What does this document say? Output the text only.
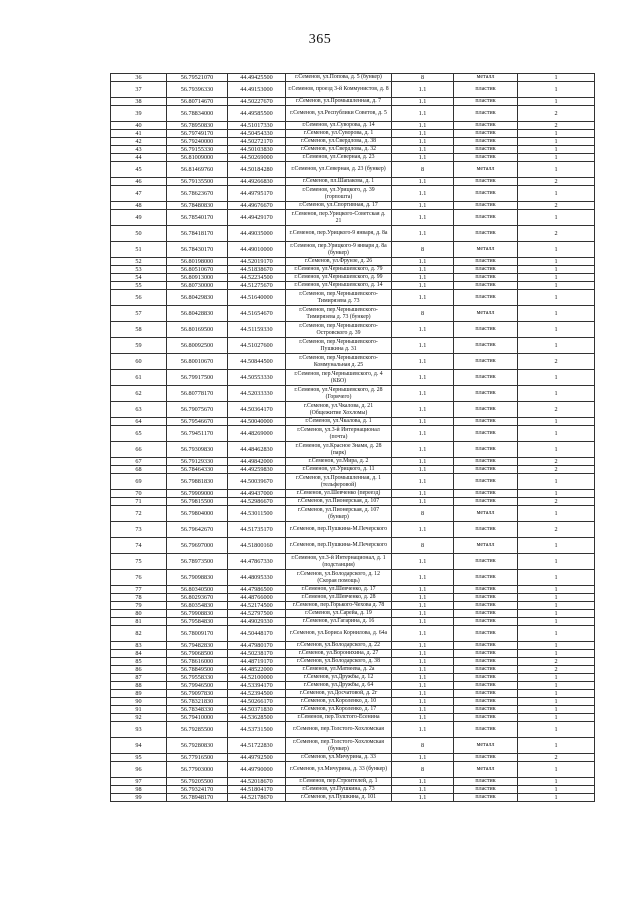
365
36	56.79521070	44.49425500	г.Семенов, ул.Попова, д. 5 (бункер)	8	металл	1
37	56.79396330	44.49153000	г.Семенов, проезд 3-й Коммунистов, д. 8	1.1	пластик	1
38	56.80714670	44.50227670	г.Семенов, ул.Промышленная, д. 7	1.1	пластик	1
39	56.78834000	44.49585500	г.Семенов, ул.Республики Советов, д. 5	1.1	пластик	2
40	56.78950830	44.51017330	г.Семенов, ул.Суворова, д. 14	1.1	пластик	2
41	56.79749170	44.50454330	г.Семенов, ул.Суворова, д. 1	1.1	пластик	1
42	56.79240000	44.50272170	г.Семенов, ул.Свердлова, д. 38	1.1	пластик	1
43	56.79155330	44.50103830	г.Семенов, ул.Свердлова, д. 32	1.1	пластик	1
44	56.81009000	44.50269000	г.Семенов, ул.Северная, д. 23	1.1	пластик	1
45	56.81469760	44.50184280	г.Семенов, ул.Северная, д. 23 (бункер)	8	металл	1
46	56.79135500	44.49266830	г.Семенов, пл.Шапакова, д. 1	1.1	пластик	2
47	56.78623670	44.49795170	г.Семенов, ул.Урицкого, д. 39 (горпошта)	1.1	пластик	1
48	56.78480830	44.49676670	г.Семенов, ул.Спортивная, д. 17	1.1	пластик	2
49	56.78540170	44.49429170	г.Семенов, пер.Урицкого-Советская д. 21	1.1	пластик	1
50	56.78418170	44.49035000	г.Семенов, пер.Урицкого-9 января, д. 8а	1.1	пластик	2
51	56.78430170	44.49010000	г.Семенов, пер.Урицкого-9 января д. 8а (бункер)	8	металл	1
52	56.80198000	44.52019170	г.Семенов, ул.Фрунзе, д. 26	1.1	пластик	1
53	56.80510670	44.51838670	г.Семенов, ул.Чернышевского, д. 79	1.1	пластик	1
54	56.80913000	44.52234500	г.Семенов, ул.Чернышевского, д. 99	1.1	пластик	1
55	56.80730000	44.51275670	г.Семенов, ул.Чернышевского, д. 14	1.1	пластик	1
56	56.80429830	44.51640000	г.Семенов, пер.Чернышевского-Тимирязева д. 73	1.1	пластик	1
57	56.80428830	44.51654670	г.Семенов, пер.Чернышевского-Тимирязева д. 73 (бункер)	8	металл	1
58	56.80169500	44.51159330	г.Семенов, пер.Чернышевского-Островского д. 39	1.1	пластик	1
59	56.80092500	44.51027600	г.Семенов, пер.Чернышевского-Пушкина д. 31	1.1	пластик	1
60	56.80010670	44.50844500	г.Семенов, пер.Чернышевского-Коммунальная д. 25	1.1	пластик	2
61	56.79917500	44.50553330	г.Семенов, пер.Чернышевского, д. 4 (КБО)	1.1	пластик	1
62	56.80778170	44.52033330	г.Семенов, ул.Чернышевского, д. 28 (Горячего)	1.1	пластик	1
63	56.79075670	44.50364170	г.Семенов, ул.Чкалова, д. 21 (Общежитие Хохломы)	1.1	пластик	2
64	56.79546670	44.50040000	г.Семенов, ул.Чкалова, д. 1	1.1	пластик	1
65	56.79451170	44.48269000	г.Семенов, ул.3-й Интернационал (почта)	1.1	пластик	1
66	56.79309830	44.48462830	г.Семенов, ул.Красное Знамя, д. 28 (парк)	1.1	пластик	1
67	56.79129330	44.49842000	г.Семенов, ул.Мира, д. 2	1.1	пластик	2
68	56.78464330	44.49259830	г.Семенов, ул.Урицкого, д. 11	1.1	пластик	2
69	56.79881830	44.50039670	г.Семенов, ул.Промышленная, д. 1 (тельферовой)	1.1	пластик	1
70	56.79909000	44.49437000	г.Семенов, ул.Шевченко (переезд)	1.1	пластик	1
71	56.79815500	44.52986670	г.Семенов, ул.Пионерская, д. 107	1.1	пластик	2
72	56.79804000	44.53011500	г.Семенов, ул.Пионерская, д. 107 (бункер)	8	металл	1
73	56.79642670	44.51735170	г.Семенов, пер.Пушкина-М.Печерского	1.1	пластик	2
74	56.79697000	44.51800160	г.Семенов, пер.Пушкина-М.Печерского	8	металл	1
75	56.78973500	44.47867330	г.Семенов, ул.3-й Интернационал, д. 1 (подстанция)	1.1	пластик	1
76	56.79098830	44.48095330	г.Семенов, ул.Володарского, д. 12 (Скорая помощь)	1.1	пластик	1
77	56.80340500	44.47986500	г.Семенов, ул.Шевченко, д. 17	1.1	пластик	1
78	56.80293670	44.48766000	г.Семенов, ул.Шевченко, д. 28	1.1	пластик	1
79	56.80354830	44.52174500	г.Семенов, пер.Горького-Чехова д. 78	1.1	пластик	1
80	56.79908830	44.52797500	г.Семенов, ул.Сарейа, д. 19	1.1	пластик	1
81	56.79584830	44.49029330	г.Семенов, ул.Гагарина, д. 16	1.1	пластик	1
82	56.78009170	44.50448170	г.Семенов, ул.Бориса Корнилова, д. 64а	1.1	пластик	1
83	56.79482830	44.47980170	г.Семенов, ул.Володарского, д. 22	1.1	пластик	1
84	56.79068500	44.50238170	г.Семенов, ул.Воронихина, д. 27	1.1	пластик	1
85	56.78616000	44.48719170	г.Семенов, ул.Володарского, д. 38	1.1	пластик	2
86	56.78849500	44.48522000	г.Семенов, ул.Матвеева, д. 2а	1.1	пластик	2
87	56.79558330	44.52100000	г.Семенов, ул.Дружбы, д. 12	1.1	пластик	1
88	56.79946500	44.53394170	г.Семенов, ул.Дружбы, д. 64	1.1	пластик	1
89	56.79097830	44.52394500	г.Семенов, ул.Досчатовой, д. 2г	1.1	пластик	1
90	56.78321830	44.50266170	г.Семенов, ул.Короленко, д. 10	1.1	пластик	1
91	56.78348330	44.50371830	г.Семенов, ул.Короленко, д. 17	1.1	пластик	1
92	56.79410000	44.53628500	г.Семенов, пер.Толстого-Есенина	1.1	пластик	1
93	56.79285500	44.53731500	г.Семенов, пер.Толстого-Хохломская	1.1	пластик	1
94	56.79280830	44.51722830	г.Семенов, пер.Толстого-Хохломская (бункер)	8	металл	1
95	56.77916500	44.49792500	г.Семенов, ул.Мичурина, д. 33	1.1	пластик	2
96	56.77903000	44.49790000	г.Семенов, ул.Мичурина, д. 33 (бункер)	8	металл	1
97	56.79205500	44.52018670	г.Семенов, пер.Строителей, д. 1	1.1	пластик	1
98	56.79324170	44.51804170	г.Семенов, ул.Пушкина, д. 73	1.1	пластик	1
99	56.78948170	44.52178670	г.Семенов, ул.Пушкина, д. 101	1.1	пластик	1
